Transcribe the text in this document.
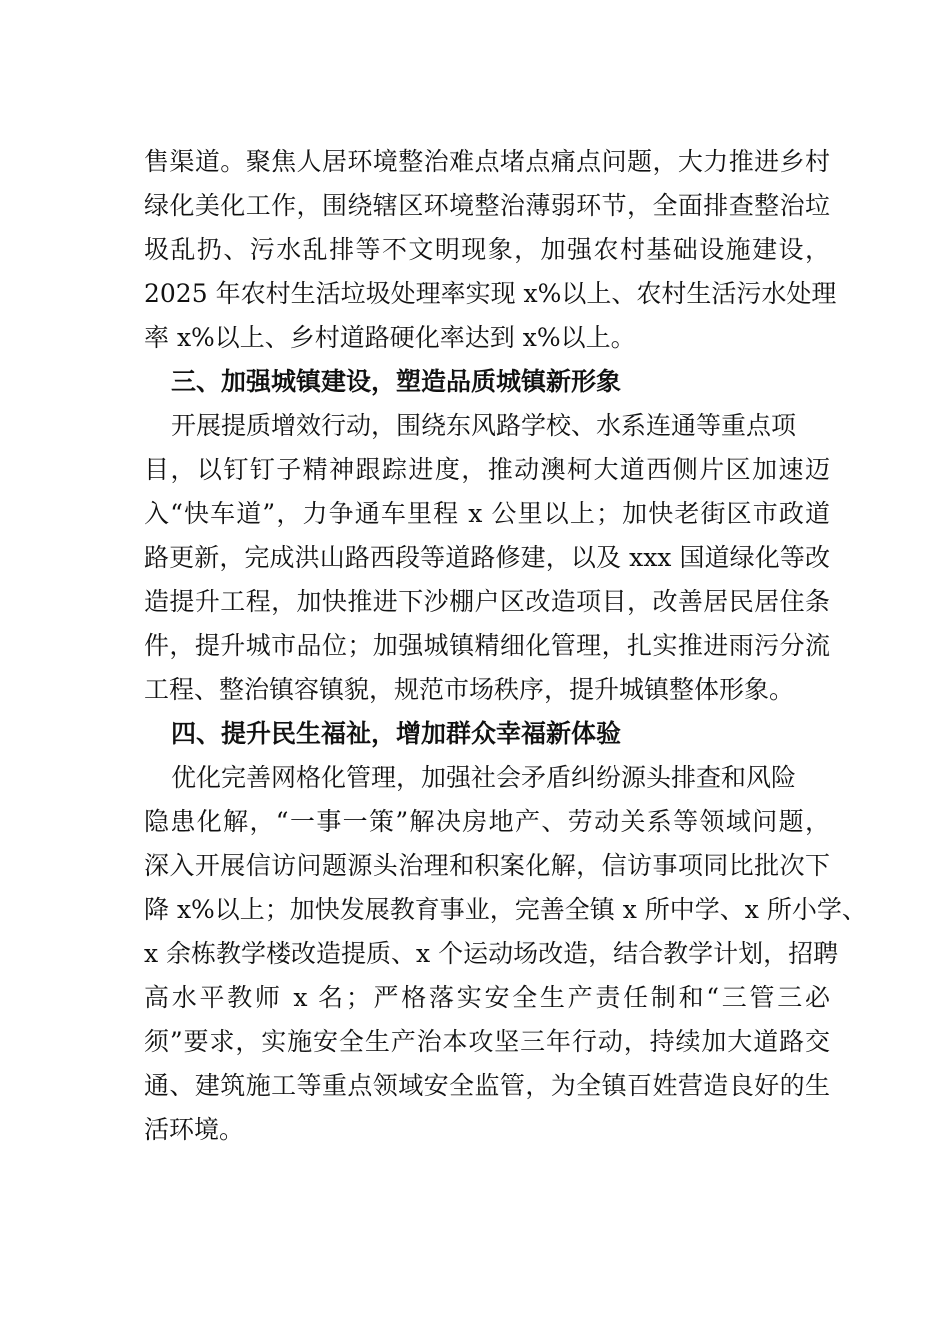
售渠道。聚焦人居环境整治难点堵点痛点问题，大力推进乡村
绿化美化工作，围绕辖区环境整治薄弱环节，全面排查整治垃
圾乱扔、污水乱排等不文明现象，加强农村基础设施建设，
2025 年农村生活垃圾处理率实现 x%以上、农村生活污水处理
率 x%以上、乡村道路硬化率达到 x%以上。
三、加强城镇建设，塑造品质城镇新形象
开展提质增效行动，围绕东风路学校、水系连通等重点项
目，以钉钉子精神跟踪进度，推动澳柯大道西侧片区加速迈
入“快车道”，力争通车里程 x 公里以上；加快老街区市政道
路更新，完成洪山路西段等道路修建，以及 xxx 国道绿化等改
造提升工程，加快推进下沙棚户区改造项目，改善居民居住条
件，提升城市品位；加强城镇精细化管理，扎实推进雨污分流
工程、整治镇容镇貌，规范市场秩序，提升城镇整体形象。
四、提升民生福祉，增加群众幸福新体验
优化完善网格化管理，加强社会矛盾纠纷源头排查和风险
隐患化解，“一事一策”解决房地产、劳动关系等领域问题，
深入开展信访问题源头治理和积案化解，信访事项同比批次下
降 x%以上；加快发展教育事业，完善全镇 x 所中学、x 所小学、
x 余栋教学楼改造提质、x 个运动场改造，结合教学计划，招聘
高水平教师 x 名；严格落实安全生产责任制和“三管三必
须”要求，实施安全生产治本攻坚三年行动，持续加大道路交
通、建筑施工等重点领域安全监管，为全镇百姓营造良好的生
活环境。
